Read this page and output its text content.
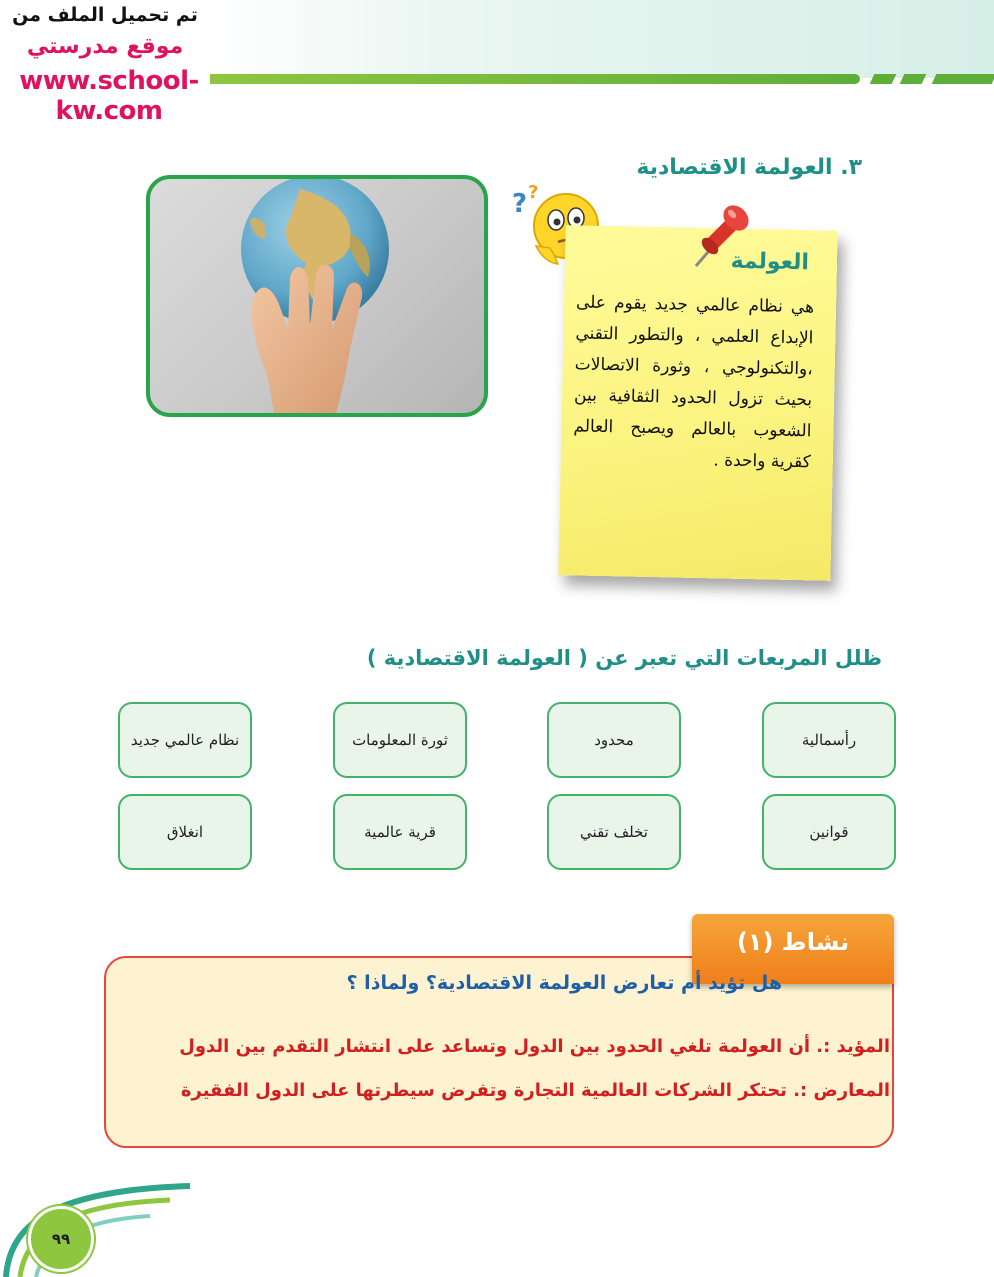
تم تحميل الملف من
موقع مدرستي
www.school-kw.com
٣. العولمة الاقتصادية
? ?
العولمة
هي نظام عالمي جديد يقوم على الإبداع العلمي ، والتطور التقني ،والتكنولوجي ، وثورة الاتصالات بحيث تزول الحدود الثقافية بين الشعوب بالعالم ويصبح العالم كقرية واحدة .
ظلل المربعات التي تعبر عن ( العولمة الاقتصادية )
رأسمالية
محدود
ثورة المعلومات
نظام عالمي جديد
قوانين
تخلف تقني
قرية عالمية
انغلاق
نشاط (١)
هل تؤيد أم تعارض العولمة الاقتصادية؟ ولماذا ؟
المؤيد :. أن العولمة تلغي الحدود بين الدول وتساعد على انتشار التقدم بين الدول
المعارض :. تحتكر الشركات العالمية التجارة وتفرض سيطرتها على الدول الفقيرة
٩٩
